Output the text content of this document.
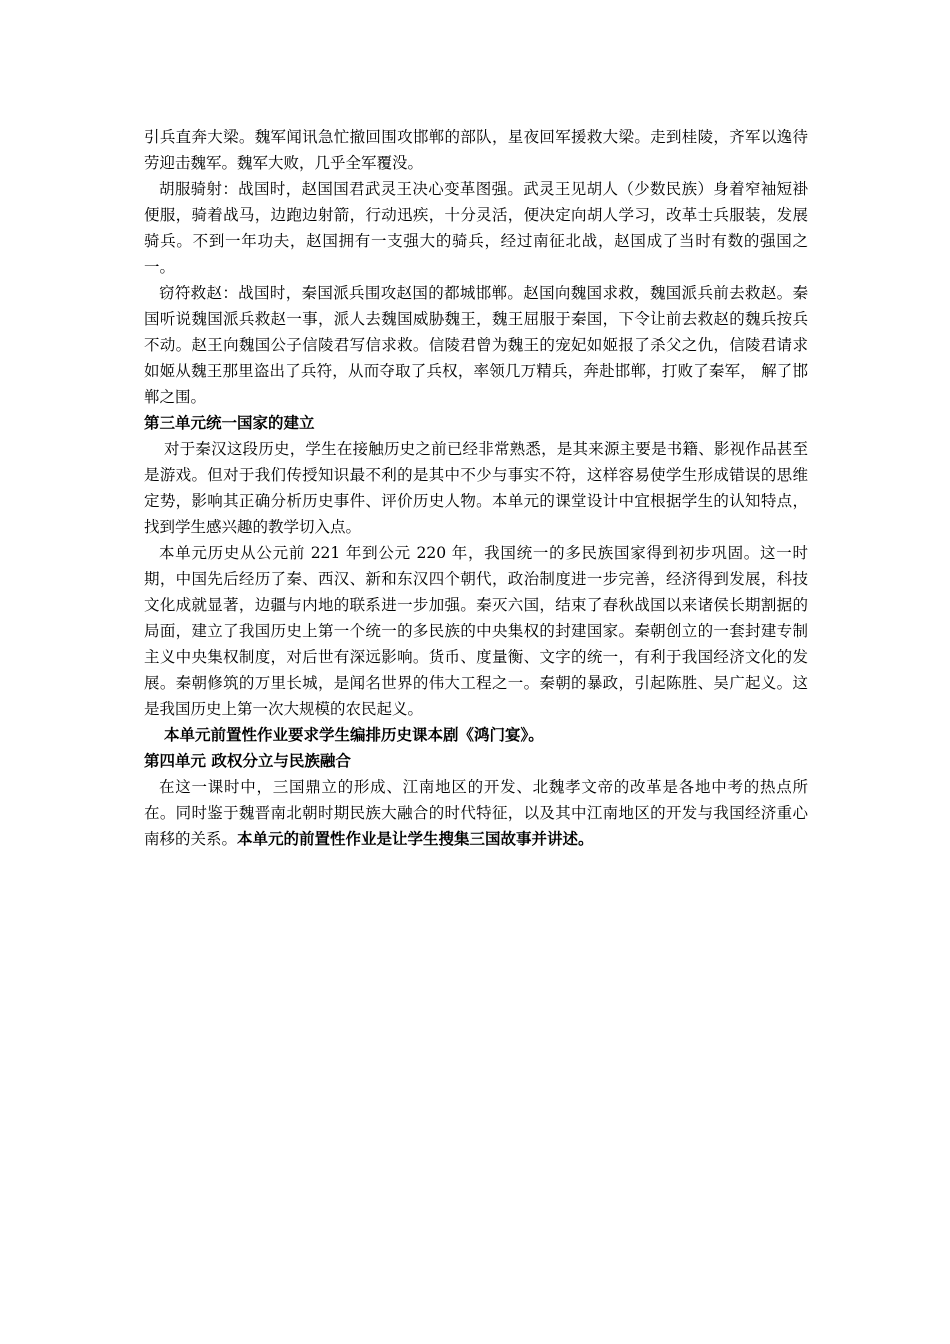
引兵直奔大梁。魏军闻讯急忙撤回围攻邯郸的部队，星夜回军援救大梁。走到桂陵，齐军以逸待劳迎击魏军。魏军大败，几乎全军覆没。

胡服骑射：战国时，赵国国君武灵王决心变革图强。武灵王见胡人（少数民族）身着窄袖短褂便服，骑着战马，边跑边射箭，行动迅疾，十分灵活，便决定向胡人学习，改革士兵服装，发展骑兵。不到一年功夫，赵国拥有一支强大的骑兵，经过南征北战，赵国成了当时有数的强国之一。

窃符救赵：战国时，秦国派兵围攻赵国的都城邯郸。赵国向魏国求救，魏国派兵前去救赵。秦国听说魏国派兵救赵一事，派人去魏国威胁魏王，魏王屈服于秦国，下令让前去救赵的魏兵按兵不动。赵王向魏国公子信陵君写信求救。信陵君曾为魏王的宠妃如姬报了杀父之仇，信陵君请求如姬从魏王那里盗出了兵符，从而夺取了兵权，率领几万精兵，奔赴邯郸，打败了秦军， 解了邯郸之围。

第三单元统一国家的建立

对于秦汉这段历史，学生在接触历史之前已经非常熟悉，是其来源主要是书籍、影视作品甚至是游戏。但对于我们传授知识最不利的是其中不少与事实不符，这样容易使学生形成错误的思维定势，影响其正确分析历史事件、评价历史人物。本单元的课堂设计中宜根据学生的认知特点，找到学生感兴趣的教学切入点。

本单元历史从公元前 221 年到公元 220 年，我国统一的多民族国家得到初步巩固。这一时期，中国先后经历了秦、西汉、新和东汉四个朝代，政治制度进一步完善，经济得到发展，科技文化成就显著，边疆与内地的联系进一步加强。秦灭六国，结束了春秋战国以来诸侯长期割据的局面，建立了我国历史上第一个统一的多民族的中央集权的封建国家。秦朝创立的一套封建专制主义中央集权制度，对后世有深远影响。货币、度量衡、文字的统一，有利于我国经济文化的发展。秦朝修筑的万里长城，是闻名世界的伟大工程之一。秦朝的暴政，引起陈胜、吴广起义。这是我国历史上第一次大规模的农民起义。

本单元前置性作业要求学生编排历史课本剧《鸿门宴》。

第四单元 政权分立与民族融合

在这一课时中，三国鼎立的形成、江南地区的开发、北魏孝文帝的改革是各地中考的热点所在。同时鉴于魏晋南北朝时期民族大融合的时代特征，以及其中江南地区的开发与我国经济重心南移的关系。本单元的前置性作业是让学生搜集三国故事并讲述。
